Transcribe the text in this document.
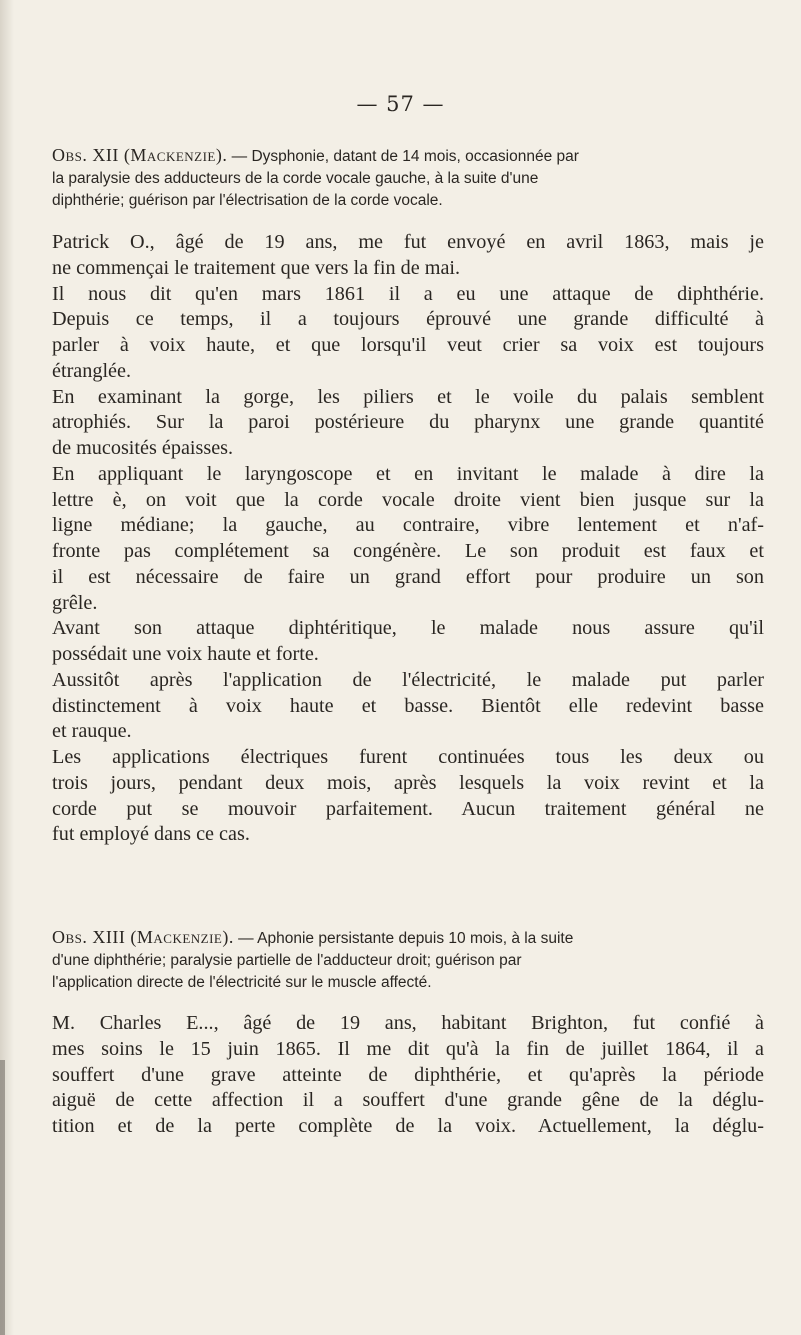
— 57 —
Obs. XII (Mackenzie). — Dysphonie, datant de 14 mois, occasionnée par
la paralysie des adducteurs de la corde vocale gauche, à la suite d'une
diphthérie; guérison par l'électrisation de la corde vocale.
Patrick O., âgé de 19 ans, me fut envoyé en avril 1863, mais je
ne commençai le traitement que vers la fin de mai.
Il nous dit qu'en mars 1861 il a eu une attaque de diphthérie.
Depuis ce temps, il a toujours éprouvé une grande difficulté à
parler à voix haute, et que lorsqu'il veut crier sa voix est toujours
étranglée.
En examinant la gorge, les piliers et le voile du palais semblent
atrophiés. Sur la paroi postérieure du pharynx une grande quantité
de mucosités épaisses.
En appliquant le laryngoscope et en invitant le malade à dire la
lettre è, on voit que la corde vocale droite vient bien jusque sur la
ligne médiane; la gauche, au contraire, vibre lentement et n'af-
fronte pas complétement sa congénère. Le son produit est faux et
il est nécessaire de faire un grand effort pour produire un son
grêle.
Avant son attaque diphtéritique, le malade nous assure qu'il
possédait une voix haute et forte.
Aussitôt après l'application de l'électricité, le malade put parler
distinctement à voix haute et basse. Bientôt elle redevint basse
et rauque.
Les applications électriques furent continuées tous les deux ou
trois jours, pendant deux mois, après lesquels la voix revint et la
corde put se mouvoir parfaitement. Aucun traitement général ne
fut employé dans ce cas.
Obs. XIII (Mackenzie). — Aphonie persistante depuis 10 mois, à la suite
d'une diphthérie; paralysie partielle de l'adducteur droit; guérison par
l'application directe de l'électricité sur le muscle affecté.
M. Charles E..., âgé de 19 ans, habitant Brighton, fut confié à
mes soins le 15 juin 1865. Il me dit qu'à la fin de juillet 1864, il a
souffert d'une grave atteinte de diphthérie, et qu'après la période
aiguë de cette affection il a souffert d'une grande gêne de la déglu-
tition et de la perte complète de la voix. Actuellement, la déglu-
